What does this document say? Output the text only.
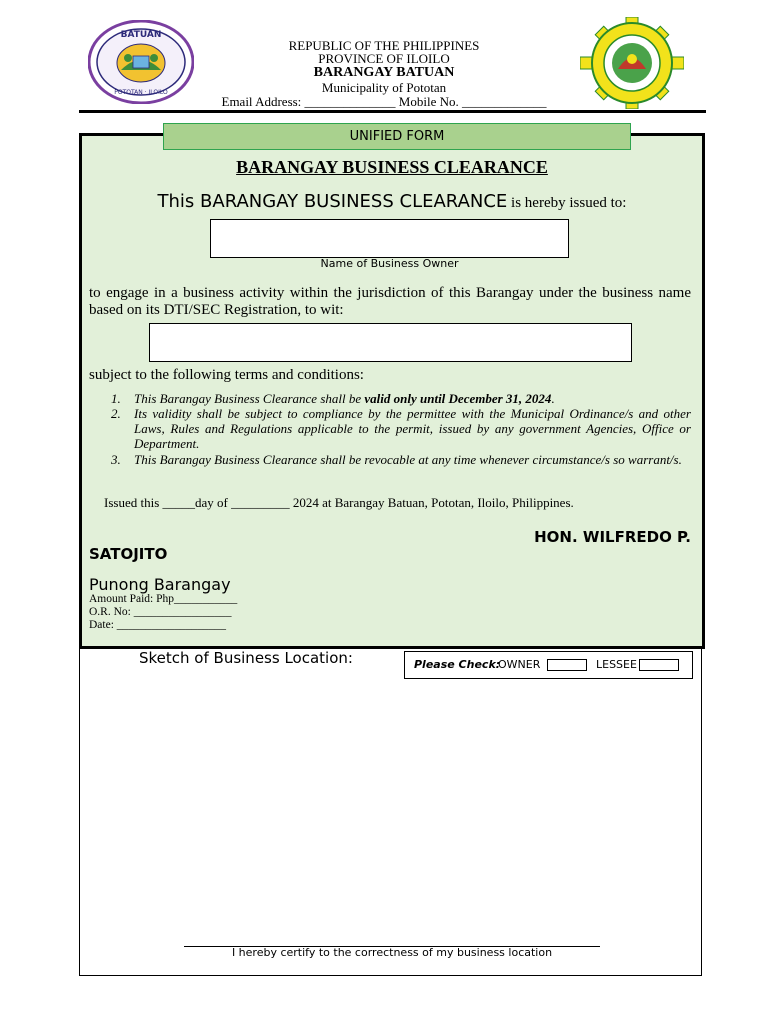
BATUAN
POTOTAN · ILOILO
REPUBLIC OF THE PHILIPPINES
PROVINCE OF ILOILO
BARANGAY BATUAN
Municipality of Pototan
Email Address: ______________ Mobile No. _____________
UNIFIED FORM
BARANGAY BUSINESS CLEARANCE
This BARANGAY BUSINESS CLEARANCE is hereby issued to:
Name of Business Owner
to engage in a business activity within the jurisdiction of this Barangay under the business name based on its DTI/SEC Registration, to wit:
subject to the following terms and conditions:
1.	This Barangay Business Clearance shall be valid only until December 31, 2024.
2.	Its validity shall be subject to compliance by the permittee with the Municipal Ordinance/s and other Laws, Rules and Regulations applicable to the permit, issued by any government Agencies, Office or Department.
3.	This Barangay Business Clearance shall be revocable at any time whenever circumstance/s so warrant/s.
Issued this _____day of _________ 2024 at Barangay Batuan, Pototan, Iloilo, Philippines.
HON. WILFREDO P.
SATOJITO
Punong Barangay
Amount Paid: Php___________
O.R. No: _________________
Date: ___________________
Sketch of Business Location:	Please Check:
OWNER	LESSEE
I hereby certify to the correctness of my business location
